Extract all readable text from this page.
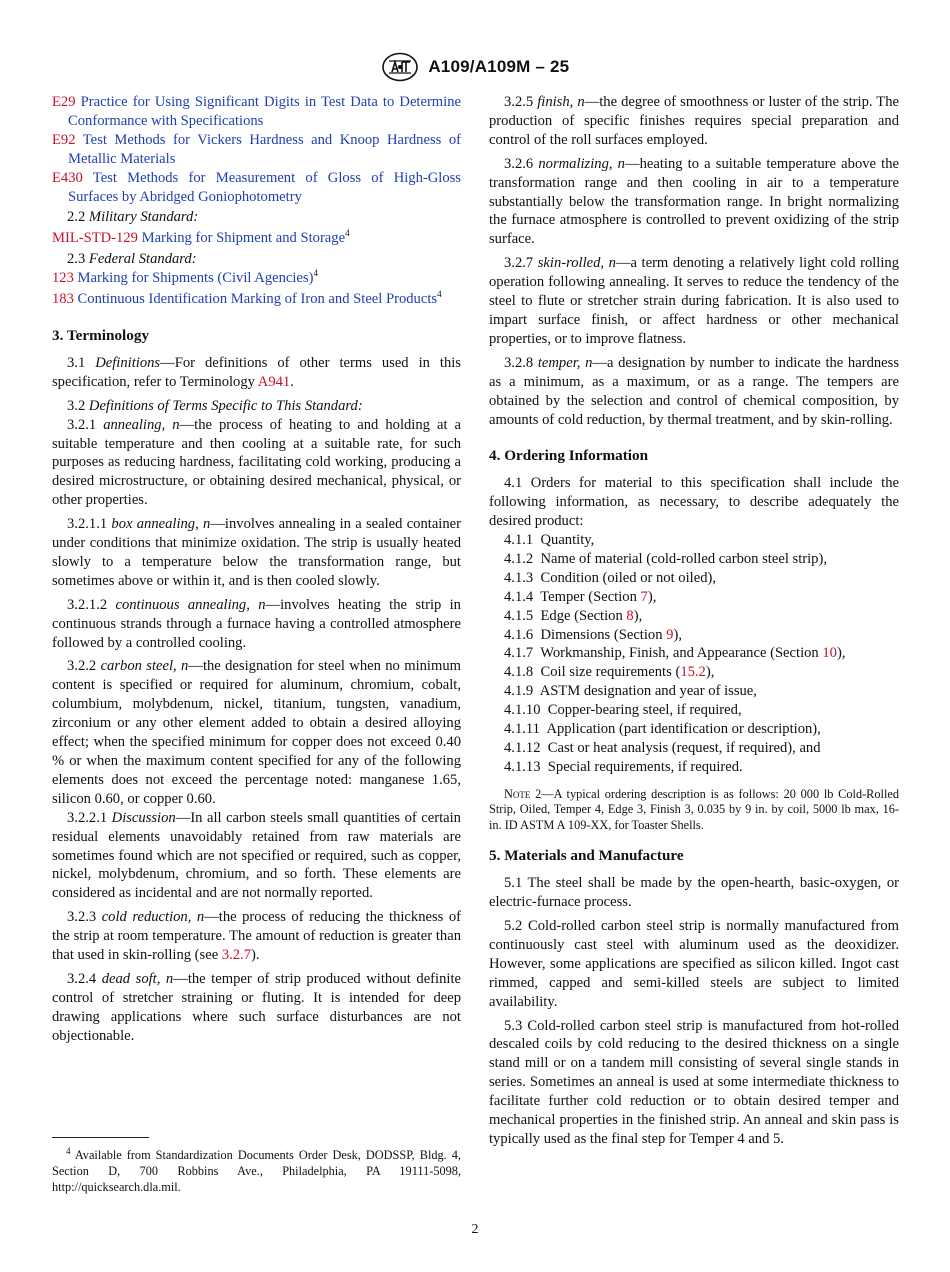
A109/A109M – 25

E29 Practice for Using Significant Digits in Test Data to Determine Conformance with Specifications

E92 Test Methods for Vickers Hardness and Knoop Hardness of Metallic Materials

E430 Test Methods for Measurement of Gloss of High-Gloss Surfaces by Abridged Goniophotometry

2.2 Military Standard:

MIL-STD-129 Marking for Shipment and Storage$^4$

2.3 Federal Standard:

123 Marking for Shipments (Civil Agencies)$^4$

183 Continuous Identification Marking of Iron and Steel Products$^4$

3. Terminology

3.1 Definitions—For definitions of other terms used in this specification, refer to Terminology A941.

3.2 Definitions of Terms Specific to This Standard:

3.2.1 annealing, n—the process of heating to and holding at a suitable temperature and then cooling at a suitable rate, for such purposes as reducing hardness, facilitating cold working, producing a desired microstructure, or obtaining desired mechanical, physical, or other properties.

3.2.1.1 box annealing, n—involves annealing in a sealed container under conditions that minimize oxidation. The strip is usually heated slowly to a temperature below the transformation range, but sometimes above or within it, and is then cooled slowly.

3.2.1.2 continuous annealing, n—involves heating the strip in continuous strands through a furnace having a controlled atmosphere followed by a controlled cooling.

3.2.2 carbon steel, n—the designation for steel when no minimum content is specified or required for aluminum, chromium, cobalt, columbium, molybdenum, nickel, titanium, tungsten, vanadium, zirconium or any other element added to obtain a desired alloying effect; when the specified minimum for copper does not exceed 0.40 % or when the maximum content specified for any of the following elements does not exceed the percentage noted: manganese 1.65, silicon 0.60, or copper 0.60.

3.2.2.1 Discussion—In all carbon steels small quantities of certain residual elements unavoidably retained from raw materials are sometimes found which are not specified or required, such as copper, nickel, molybdenum, chromium, and so forth. These elements are considered as incidental and are not normally reported.

3.2.3 cold reduction, n—the process of reducing the thickness of the strip at room temperature. The amount of reduction is greater than that used in skin-rolling (see 3.2.7).

3.2.4 dead soft, n—the temper of strip produced without definite control of stretcher straining or fluting. It is intended for deep drawing applications where such surface disturbances are not objectionable.

3.2.5 finish, n—the degree of smoothness or luster of the strip. The production of specific finishes requires special preparation and control of the roll surfaces employed.

3.2.6 normalizing, n—heating to a suitable temperature above the transformation range and then cooling in air to a temperature substantially below the transformation range. In bright normalizing the furnace atmosphere is controlled to prevent oxidizing of the strip surface.

3.2.7 skin-rolled, n—a term denoting a relatively light cold rolling operation following annealing. It serves to reduce the tendency of the steel to flute or stretcher strain during fabrication. It is also used to impart surface finish, or affect hardness or other mechanical properties, or to improve flatness.

3.2.8 temper, n—a designation by number to indicate the hardness as a minimum, as a maximum, or as a range. The tempers are obtained by the selection and control of chemical composition, by amounts of cold reduction, by thermal treatment, and by skin-rolling.

4. Ordering Information

4.1 Orders for material to this specification shall include the following information, as necessary, to describe adequately the desired product:

4.1.1 Quantity,

4.1.2 Name of material (cold-rolled carbon steel strip),

4.1.3 Condition (oiled or not oiled),

4.1.4 Temper (Section 7),

4.1.5 Edge (Section 8),

4.1.6 Dimensions (Section 9),

4.1.7 Workmanship, Finish, and Appearance (Section 10),

4.1.8 Coil size requirements (15.2),

4.1.9 ASTM designation and year of issue,

4.1.10 Copper-bearing steel, if required,

4.1.11 Application (part identification or description),

4.1.12 Cast or heat analysis (request, if required), and

4.1.13 Special requirements, if required.

Note 2—A typical ordering description is as follows: 20 000 lb Cold-Rolled Strip, Oiled, Temper 4, Edge 3, Finish 3, 0.035 by 9 in. by coil, 5000 lb max, 16-in. ID ASTM A 109-XX, for Toaster Shells.

5. Materials and Manufacture

5.1 The steel shall be made by the open-hearth, basic-oxygen, or electric-furnace process.

5.2 Cold-rolled carbon steel strip is normally manufactured from continuously cast steel with aluminum used as the deoxidizer. However, some applications are specified as silicon killed. Ingot cast rimmed, capped and semi-killed steels are subject to limited availability.

5.3 Cold-rolled carbon steel strip is manufactured from hot-rolled descaled coils by cold reducing to the desired thickness on a single stand mill or on a tandem mill consisting of several single stands in series. Sometimes an anneal is used at some intermediate thickness to facilitate further cold reduction or to obtain desired temper and mechanical properties in the finished strip. An anneal and skin pass is typically used as the final step for Temper 4 and 5.

$^4$ Available from Standardization Documents Order Desk, DODSSP, Bldg. 4, Section D, 700 Robbins Ave., Philadelphia, PA 19111-5098, http://quicksearch.dla.mil.

2
